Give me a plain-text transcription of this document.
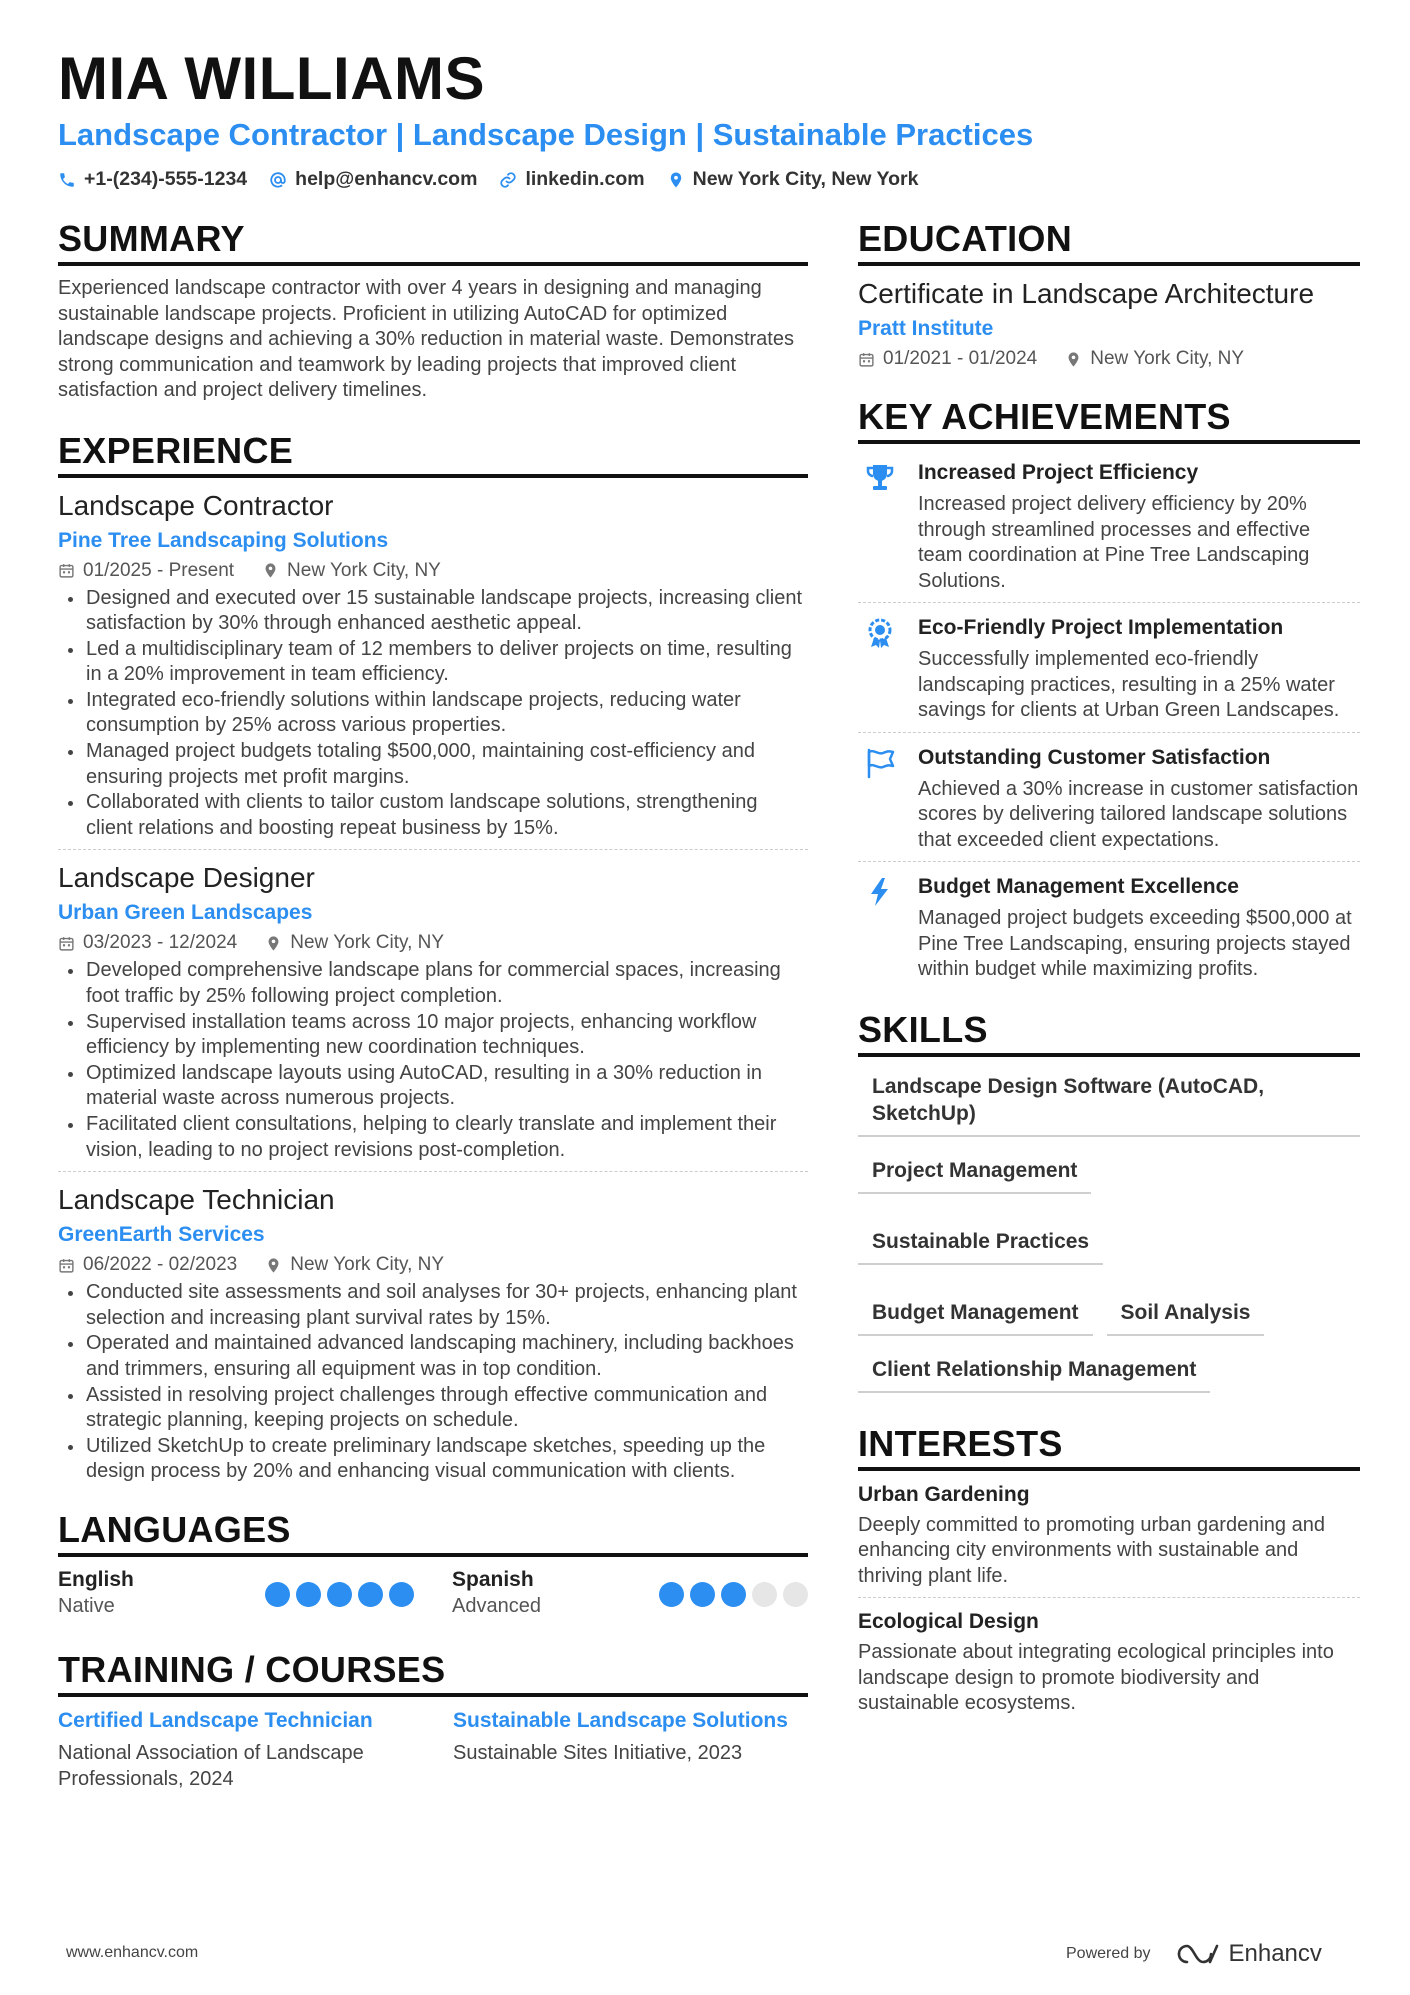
MIA WILLIAMS
Landscape Contractor | Landscape Design | Sustainable Practices
+1-(234)-555-1234 help@enhancv.com linkedin.com New York City, New York
SUMMARY
Experienced landscape contractor with over 4 years in designing and managing sustainable landscape projects. Proficient in utilizing AutoCAD for optimized landscape designs and achieving a 30% reduction in material waste. Demonstrates strong communication and teamwork by leading projects that improved client satisfaction and project delivery timelines.
EXPERIENCE
Landscape Contractor
Pine Tree Landscaping Solutions
01/2025 - Present	New York City, NY
Designed and executed over 15 sustainable landscape projects, increasing client satisfaction by 30% through enhanced aesthetic appeal.
Led a multidisciplinary team of 12 members to deliver projects on time, resulting in a 20% improvement in team efficiency.
Integrated eco-friendly solutions within landscape projects, reducing water consumption by 25% across various properties.
Managed project budgets totaling $500,000, maintaining cost-efficiency and ensuring projects met profit margins.
Collaborated with clients to tailor custom landscape solutions, strengthening client relations and boosting repeat business by 15%.
Landscape Designer
Urban Green Landscapes
03/2023 - 12/2024	New York City, NY
Developed comprehensive landscape plans for commercial spaces, increasing foot traffic by 25% following project completion.
Supervised installation teams across 10 major projects, enhancing workflow efficiency by implementing new coordination techniques.
Optimized landscape layouts using AutoCAD, resulting in a 30% reduction in material waste across numerous projects.
Facilitated client consultations, helping to clearly translate and implement their vision, leading to no project revisions post-completion.
Landscape Technician
GreenEarth Services
06/2022 - 02/2023	New York City, NY
Conducted site assessments and soil analyses for 30+ projects, enhancing plant selection and increasing plant survival rates by 15%.
Operated and maintained advanced landscaping machinery, including backhoes and trimmers, ensuring all equipment was in top condition.
Assisted in resolving project challenges through effective communication and strategic planning, keeping projects on schedule.
Utilized SketchUp to create preliminary landscape sketches, speeding up the design process by 20% and enhancing visual communication with clients.
LANGUAGES
English
Native
Spanish
Advanced
TRAINING / COURSES
Certified Landscape Technician
National Association of Landscape Professionals, 2024
Sustainable Landscape Solutions
Sustainable Sites Initiative, 2023
EDUCATION
Certificate in Landscape Architecture
Pratt Institute
01/2021 - 01/2024	New York City, NY
KEY ACHIEVEMENTS
Increased Project Efficiency
Increased project delivery efficiency by 20% through streamlined processes and effective team coordination at Pine Tree Landscaping Solutions.
Eco-Friendly Project Implementation
Successfully implemented eco-friendly landscaping practices, resulting in a 25% water savings for clients at Urban Green Landscapes.
Outstanding Customer Satisfaction
Achieved a 30% increase in customer satisfaction scores by delivering tailored landscape solutions that exceeded client expectations.
Budget Management Excellence
Managed project budgets exceeding $500,000 at Pine Tree Landscaping, ensuring projects stayed within budget while maximizing profits.
SKILLS
Landscape Design Software (AutoCAD, SketchUp)
Project Management
Sustainable Practices
Budget Management	Soil Analysis
Client Relationship Management
INTERESTS
Urban Gardening
Deeply committed to promoting urban gardening and enhancing city environments with sustainable and thriving plant life.
Ecological Design
Passionate about integrating ecological principles into landscape design to promote biodiversity and sustainable ecosystems.
www.enhancv.com	Powered by	Enhancv
